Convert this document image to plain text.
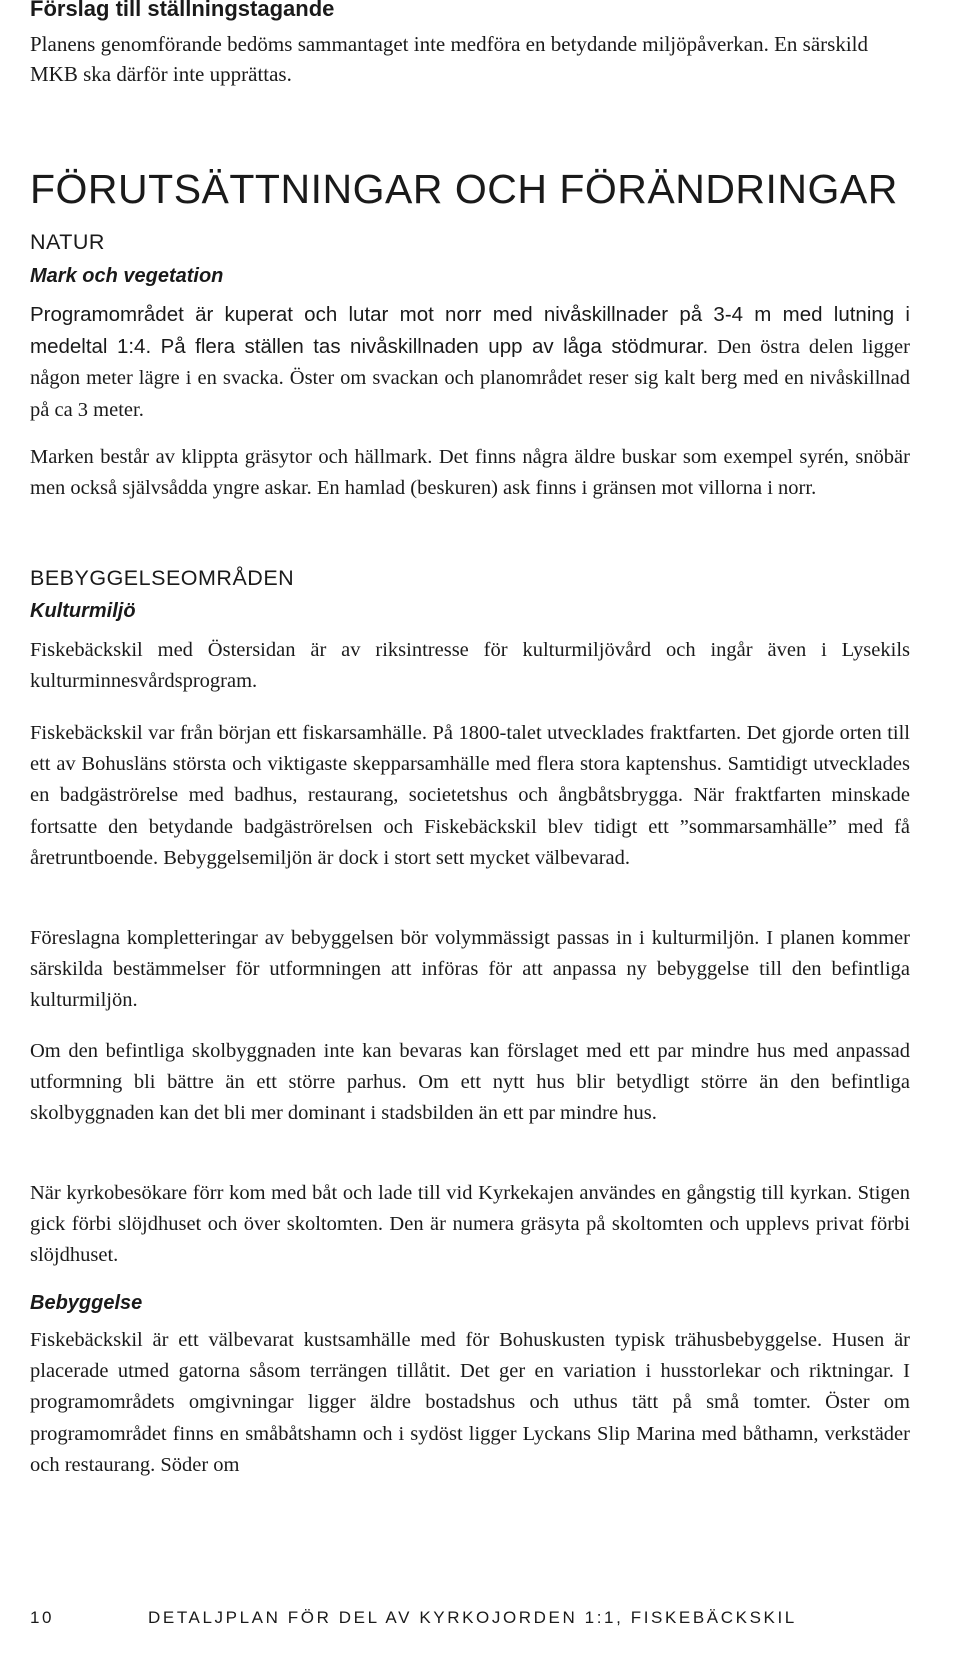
Förslag till ställningstagande

Planens genomförande bedöms sammantaget inte medföra en betydande miljöpåverkan. En särskild MKB ska därför inte upprättas.

FÖRUTSÄTTNINGAR OCH FÖRÄNDRINGAR
NATUR
Mark och vegetation

Programområdet är kuperat och lutar mot norr med nivåskillnader på 3-4 m med lutning i medeltal 1:4. På flera ställen tas nivåskillnaden upp av låga stödmurar. Den östra delen ligger någon meter lägre i en svacka. Öster om svackan och planområdet reser sig kalt berg med en nivåskillnad på ca 3 meter.

Marken består av klippta gräsytor och hällmark. Det finns några äldre buskar som exempel syrén, snöbär men också självsådda yngre askar. En hamlad (beskuren) ask finns i gränsen mot villorna i norr.

BEBYGGELSEOMRÅDEN
Kulturmiljö

Fiskebäckskil med Östersidan är av riksintresse för kulturmiljövård och ingår även i Lysekils kulturminnesvårdsprogram.

Fiskebäckskil var från början ett fiskarsamhälle. På 1800-talet utvecklades fraktfarten. Det gjorde orten till ett av Bohusläns största och viktigaste skepparsamhälle med flera stora kaptenshus. Samtidigt utvecklades en badgäströrelse med badhus, restaurang, societetshus och ångbåtsbrygga. När fraktfarten minskade fortsatte den betydande badgäströrelsen och Fiskebäckskil blev tidigt ett ”sommarsamhälle” med få åretruntboende. Bebyggelsemiljön är dock i stort sett mycket välbevarad.

Föreslagna kompletteringar av bebyggelsen bör volymmässigt passas in i kulturmiljön. I planen kommer särskilda bestämmelser för utformningen att införas för att anpassa ny bebyggelse till den befintliga kulturmiljön.

Om den befintliga skolbyggnaden inte kan bevaras kan förslaget med ett par mindre hus med anpassad utformning bli bättre än ett större parhus. Om ett nytt hus blir betydligt större än den befintliga skolbyggnaden kan det bli mer dominant i stadsbilden än ett par mindre hus.

När kyrkobesökare förr kom med båt och lade till vid Kyrkekajen användes en gångstig till kyrkan. Stigen gick förbi slöjdhuset och över skoltomten. Den är numera gräsyta på skoltomten och upplevs privat förbi slöjdhuset.

Bebyggelse

Fiskebäckskil är ett välbevarat kustsamhälle med för Bohuskusten typisk trähusbebyggelse. Husen är placerade utmed gatorna såsom terrängen tillåtit. Det ger en variation i husstorlekar och riktningar. I programområdets omgivningar ligger äldre bostadshus och uthus tätt på små tomter. Öster om programområdet finns en småbåtshamn och i sydöst ligger Lyckans Slip Marina med båthamn, verkstäder och restaurang. Söder om

10	DETALJPLAN FÖR DEL AV KYRKOJORDEN 1:1, FISKEBÄCKSKIL
